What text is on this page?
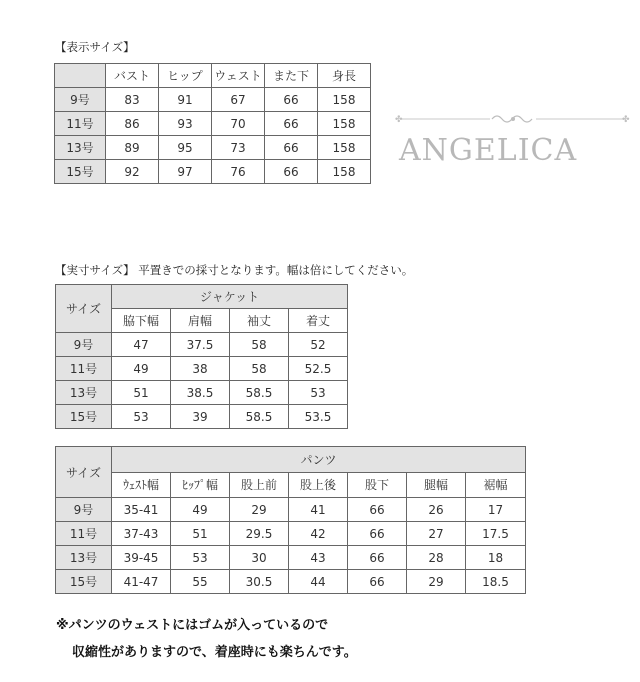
【表示サイズ】
	バスト	ヒップ	ウェスト	また下	身長
9号	83	91	67	66	158
11号	86	93	70	66	158
13号	89	95	73	66	158
15号	92	97	76	66	158
✤	✤
ANGELICA
【実寸サイズ】 平置きでの採寸となります。幅は倍にしてください。
サイズ	ジャケット			
	脇下幅	肩幅	袖丈	着丈
9号	47	37.5	58	52
11号	49	38	58	52.5
13号	51	38.5	58.5	53
15号	53	39	58.5	53.5
サイズ	パンツ						
	ｳｪｽﾄ幅	ﾋｯﾌﾟ幅	股上前	股上後	股下	腿幅	裾幅
9号	35-41	49	29	41	66	26	17
11号	37-43	51	29.5	42	66	27	17.5
13号	39-45	53	30	43	66	28	18
15号	41-47	55	30.5	44	66	29	18.5
※パンツのウェストにはゴムが入っているので
収縮性がありますので、着座時にも楽ちんです。
